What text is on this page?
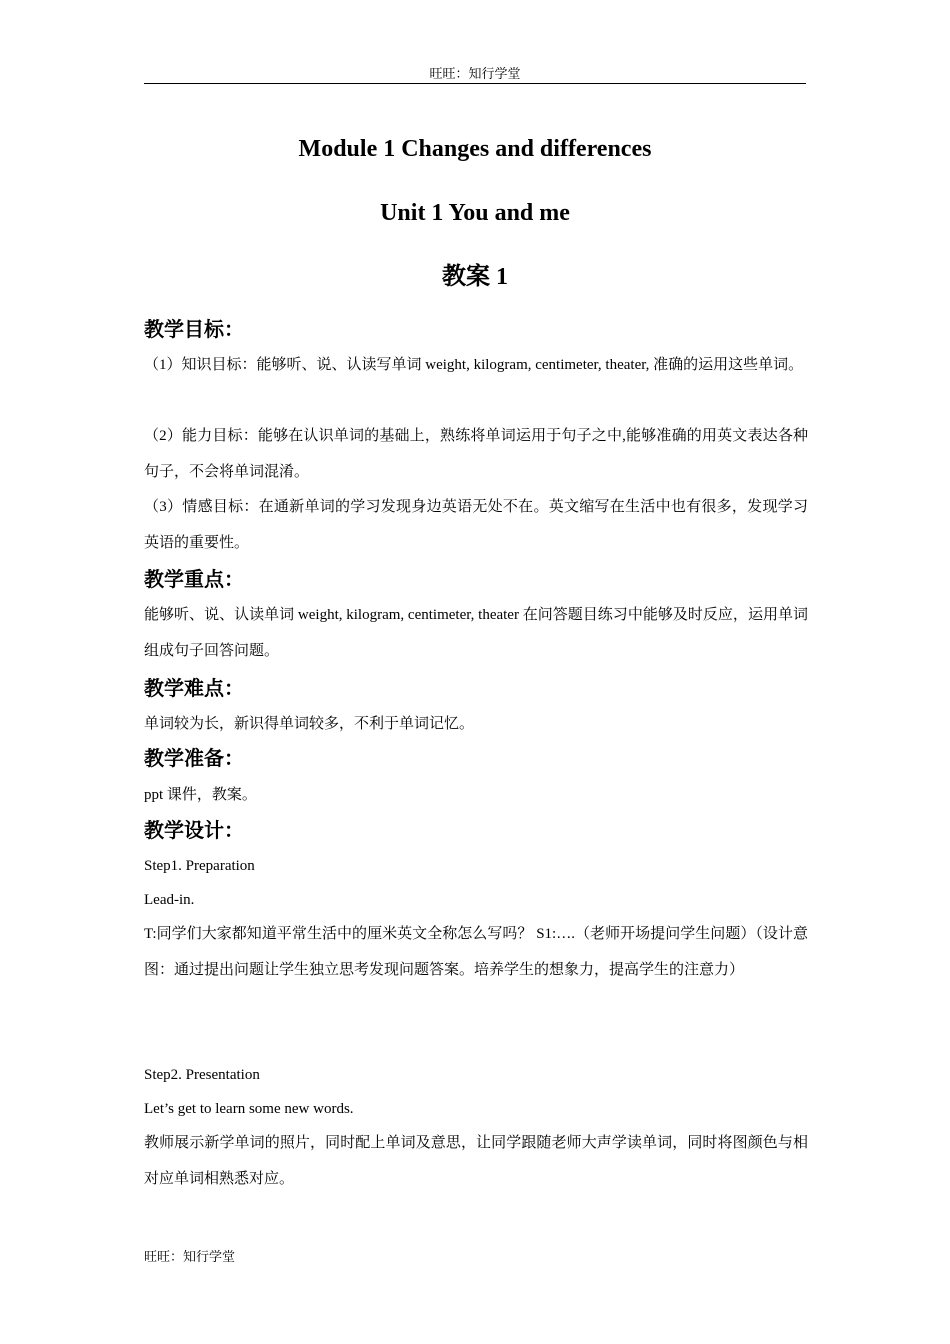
旺旺：知行学堂
Module 1 Changes and differences
Unit 1 You and me
教案 1
教学目标：
（1）知识目标：能够听、说、认读写单词 weight, kilogram, centimeter, theater, 准确的运用这些单词。
（2）能力目标：能够在认识单词的基础上，熟练将单词运用于句子之中,能够准确的用英文表达各种句子，不会将单词混淆。
（3）情感目标：在通新单词的学习发现身边英语无处不在。英文缩写在生活中也有很多，发现学习英语的重要性。
教学重点：
能够听、说、认读单词 weight, kilogram, centimeter, theater 在问答题目练习中能够及时反应，运用单词组成句子回答问题。
教学难点：
单词较为长，新识得单词较多，不利于单词记忆。
教学准备：
ppt 课件，教案。
教学设计：
Step1. Preparation
Lead-in.
T:同学们大家都知道平常生活中的厘米英文全称怎么写吗？ S1:….（老师开场提问学生问题）（设计意图：通过提出问题让学生独立思考发现问题答案。培养学生的想象力，提高学生的注意力）
Step2. Presentation
Let’s get to learn some new words.
教师展示新学单词的照片，同时配上单词及意思，让同学跟随老师大声学读单词，同时将图颜色与相对应单词相熟悉对应。
旺旺：知行学堂
